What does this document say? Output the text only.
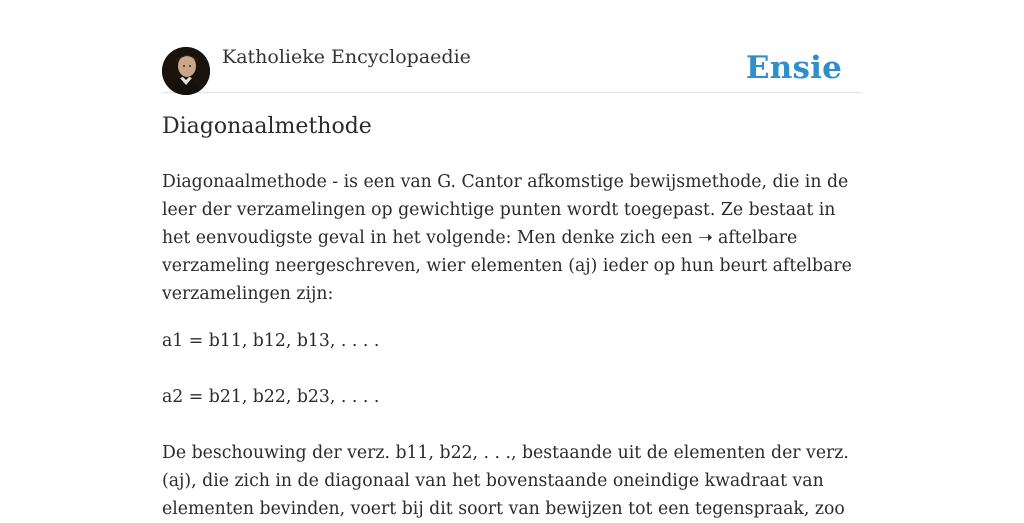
Katholieke Encyclopaedie	Ensie
Diagonaalmethode

Diagonaalmethode - is een van G. Cantor afkomstige bewijsmethode, die in de leer der verzamelingen op gewichtige punten wordt toegepast. Ze bestaat in het eenvoudigste geval in het volgende: Men denke zich een ➝ aftelbare verzameling neergeschreven, wier elementen (aj) ieder op hun beurt aftelbare verzamelingen zijn:

a1 = b11, b12, b13, . . . .

a2 = b21, b22, b23, . . . .

De beschouwing der verz. b11, b22, . . ., bestaande uit de elementen der verz. (aj), die zich in de diagonaal van het bovenstaande oneindige kwadraat van elementen bevinden, voert bij dit soort van bewijzen tot een tegenspraak, zoo
